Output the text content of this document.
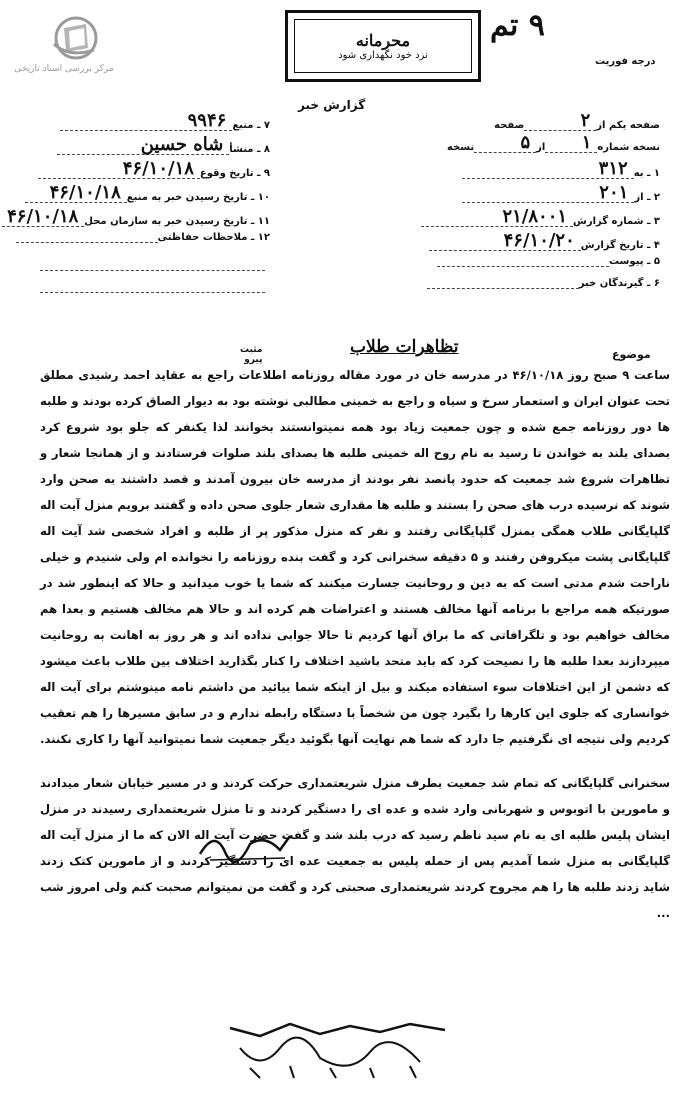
مرکز بررسی اسناد تاریخی
محرمانه
نزد خود نگهداری شود
۹ تم
درجه فوریت
گزارش خبر
صفحه یکم از
۲
صفحه
نسخه شماره
۱
از
۵
نسخه
۱ ـ به
۳۱۲
۲ ـ از
۲۰۱
۳ ـ شماره گزارش
۲۱/۸۰۰۱
۴ ـ تاریخ گزارش
۴۶/۱۰/۲۰
۵ ـ پیوست
۶ ـ گیرندگان خبر
۷ ـ منبع
۹۹۴۶
۸ ـ منشأ
شاه حسین
۹ ـ تاریخ وقوع
۴۶/۱۰/۱۸
۱۰ ـ تاریخ رسیدن خبر به منبع
۴۶/۱۰/۱۸
۱۱ ـ تاریخ رسیدن خبر به سازمان محل
۴۶/۱۰/۱۸
۱۲ ـ ملاحظات حفاظتی
موضوع
تظاهرات طلاب
مثبت
پیرو

ساعت ۹ صبح روز ۴۶/۱۰/۱۸ در مدرسه خان در مورد مقاله روزنامه اطلاعات راجع به عقاید احمد رشیدی مطلق تحت عنوان ایران و استعمار سرخ و سیاه و راجع به خمینی مطالبی نوشته بود به دیوار الصاق کرده بودند و طلبه ها دور روزنامه جمع شده و چون جمعیت زیاد بود همه نمیتوانستند بخوانند لذا یکنفر که جلو بود شروع کرد بصدای بلند به خواندن تا رسید به نام روح اله خمینی طلبه ها بصدای بلند صلوات فرستادند و از همانجا شعار و تظاهرات شروع شد جمعیت که حدود پانصد نفر بودند از مدرسه خان بیرون آمدند و قصد داشتند به صحن وارد شوند که نرسیده درب های صحن را بستند و طلبه ها مقداری شعار جلوی صحن داده و گفتند برویم منزل آیت اله گلپایگانی طلاب همگی بمنزل گلپایگانی رفتند و نفر که منزل مذکور پر از طلبه و افراد شخصی شد آیت اله گلپایگانی پشت میکروفن رفتند و ۵ دقیقه سخنرانی کرد و گفت بنده روزنامه را نخوانده ام ولی شنیدم و خیلی ناراحت شدم مدتی است که به دین و روحانیت جسارت میکنند که شما یا خوب میدانید و حالا که اینطور شد در صورتیکه همه مراجع با برنامه آنها مخالف هستند و اعتراضات هم کرده اند و حالا هم مخالف هستیم و بعدا هم مخالف خواهیم بود و تلگرافاتی که ما براق آنها کردیم تا حالا جوابی نداده اند و هر روز به اهانت به روحانیت میپردازند بعدا طلبه ها را نصیحت کرد که باید متحد باشید اختلاف را کنار بگذارید اختلاف بین طلاب باعث میشود که دشمن از این اختلافات سوء استفاده میکند و بیل از اینکه شما بیائید من داشتم نامه مینوشتم برای آیت اله خوانساری که جلوی این کارها را بگیرد چون من شخصاً با دستگاه رابطه ندارم و در سابق مسیرها را هم تعقیب کردیم ولی نتیجه ای نگرفتیم جا دارد که شما هم نهایت آنها بگوئید دیگر جمعیت شما نمیتوانید آنها را کاری نکنند.

سخنرانی گلپایگانی که تمام شد جمعیت بطرف منزل شریعتمداری حرکت کردند و در مسیر خیابان شعار میدادند و مامورین با اتوبوس و شهربانی وارد شده و عده ای را دستگیر کردند و تا منزل شریعتمداری رسیدند در منزل ایشان پلیس طلبه ای به نام سید ناظم رسید که درب بلند شد و گفت حضرت آیت اله الان که ما از منزل آیت اله گلپایگانی به منزل شما آمدیم پس از حمله پلیس به جمعیت عده ای را دستگیر کردند و از مامورین کتک زدند شاید زدند طلبه ها را هم مجروح کردند شریعتمداری صحبتی کرد و گفت من نمیتوانم صحبت کنم ولی امروز شب ...
